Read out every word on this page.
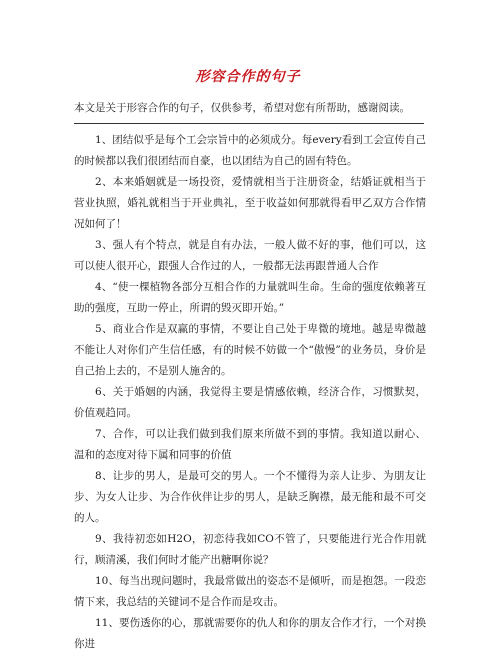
形容合作的句子
本文是关于形容合作的句子，仅供参考，希望对您有所帮助，感谢阅读。

1、团结似乎是每个工会宗旨中的必须成分。每every看到工会宣传自己的时候都以我们很团结而自豪，也以团结为自己的固有特色。

2、本来婚姻就是一场投资，爱情就相当于注册资金，结婚证就相当于营业执照，婚礼就相当于开业典礼，至于收益如何那就得看甲乙双方合作情况如何了！

3、强人有个特点，就是自有办法，一般人做不好的事，他们可以，这可以使人很开心，跟强人合作过的人，一般都无法再跟普通人合作

4、“使一棵植物各部分互相合作的力量就叫生命。生命的强度依赖著互助的强度，互助一停止，所谓的毁灭即开始。”

5、商业合作是双赢的事情，不要让自己处于卑微的境地。越是卑微越不能让人对你们产生信任感，有的时候不妨做一个“傲慢”的业务员，身价是自己抬上去的，不是别人施舍的。

6、关于婚姻的内涵，我觉得主要是情感依赖，经济合作，习惯默契，价值观趋同。

7、合作，可以让我们做到我们原来所做不到的事情。我知道以耐心、温和的态度对待下属和同事的价值

8、让步的男人，是最可交的男人。一个不懂得为亲人让步、为朋友让步、为女人让步、为合作伙伴让步的男人，是缺乏胸襟，最无能和最不可交的人。

9、我待初恋如H2O，初恋待我如CO不管了，只要能进行光合作用就行，顾清溪，我们何时才能产出糖啊你说？

10、每当出现问题时，我最常做出的姿态不是倾听，而是抱怨。一段恋情下来，我总结的关键词不是合作而是攻击。

11、要伤透你的心，那就需要你的仇人和你的朋友合作才行，一个对换你进
